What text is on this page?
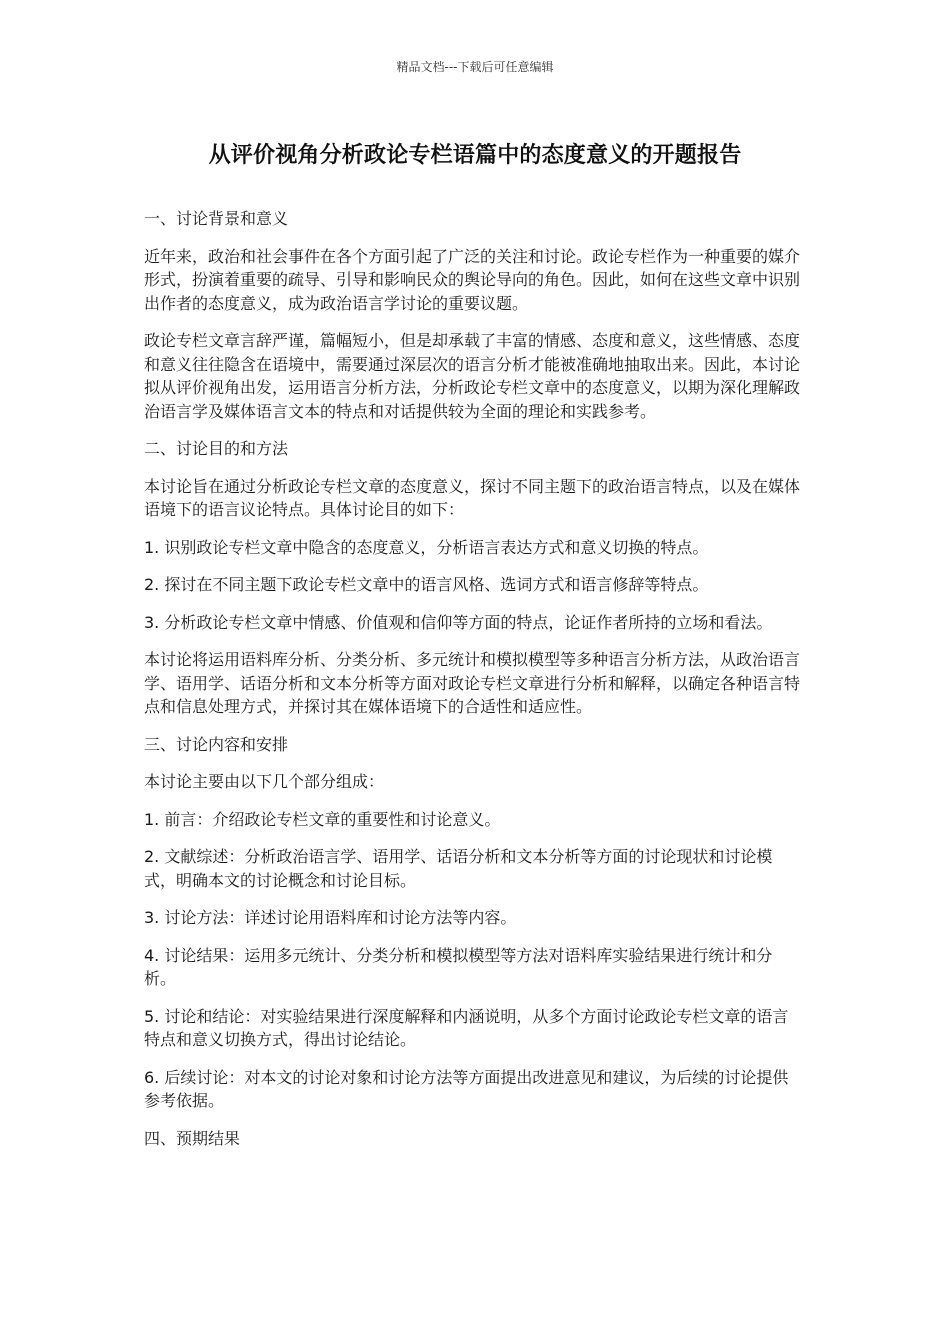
精品文档---下载后可任意编辑
从评价视角分析政论专栏语篇中的态度意义的开题报告

一、讨论背景和意义

近年来，政治和社会事件在各个方面引起了广泛的关注和讨论。政论专栏作为一种重要的媒介形式，扮演着重要的疏导、引导和影响民众的舆论导向的角色。因此，如何在这些文章中识别出作者的态度意义，成为政治语言学讨论的重要议题。

政论专栏文章言辞严谨，篇幅短小，但是却承载了丰富的情感、态度和意义，这些情感、态度和意义往往隐含在语境中，需要通过深层次的语言分析才能被准确地抽取出来。因此，本讨论拟从评价视角出发，运用语言分析方法，分析政论专栏文章中的态度意义，以期为深化理解政治语言学及媒体语言文本的特点和对话提供较为全面的理论和实践参考。

二、讨论目的和方法

本讨论旨在通过分析政论专栏文章的态度意义，探讨不同主题下的政治语言特点，以及在媒体语境下的语言议论特点。具体讨论目的如下：

1. 识别政论专栏文章中隐含的态度意义，分析语言表达方式和意义切换的特点。

2. 探讨在不同主题下政论专栏文章中的语言风格、选词方式和语言修辞等特点。

3. 分析政论专栏文章中情感、价值观和信仰等方面的特点，论证作者所持的立场和看法。

本讨论将运用语料库分析、分类分析、多元统计和模拟模型等多种语言分析方法，从政治语言学、语用学、话语分析和文本分析等方面对政论专栏文章进行分析和解释，以确定各种语言特点和信息处理方式，并探讨其在媒体语境下的合适性和适应性。

三、讨论内容和安排

本讨论主要由以下几个部分组成：

1. 前言：介绍政论专栏文章的重要性和讨论意义。

2. 文献综述：分析政治语言学、语用学、话语分析和文本分析等方面的讨论现状和讨论模式，明确本文的讨论概念和讨论目标。

3. 讨论方法：详述讨论用语料库和讨论方法等内容。

4. 讨论结果：运用多元统计、分类分析和模拟模型等方法对语料库实验结果进行统计和分析。

5. 讨论和结论：对实验结果进行深度解释和内涵说明，从多个方面讨论政论专栏文章的语言特点和意义切换方式，得出讨论结论。

6. 后续讨论：对本文的讨论对象和讨论方法等方面提出改进意见和建议，为后续的讨论提供参考依据。

四、预期结果
